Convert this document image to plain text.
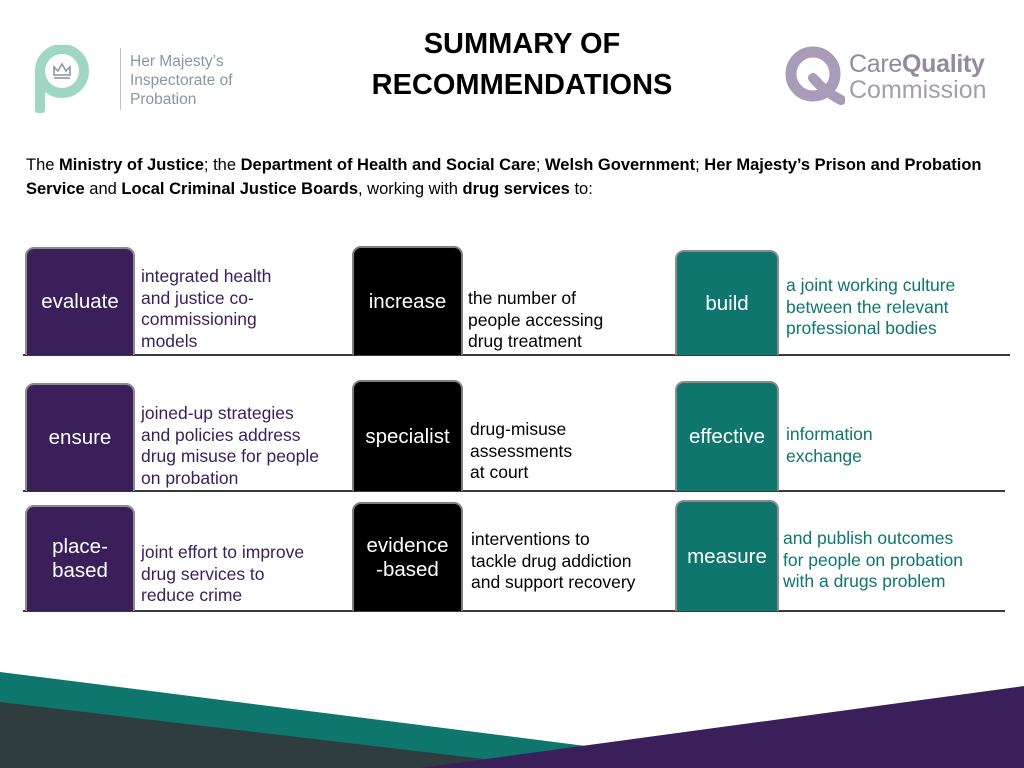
Her Majesty’s
Inspectorate of
Probation
SUMMARY OF
RECOMMENDATIONS
CareQuality
Commission
The Ministry of Justice; the Department of Health and Social Care; Welsh Government; Her Majesty’s Prison and Probation Service and Local Criminal Justice Boards, working with drug services to:
evaluate
integrated health
and justice co-
commissioning
models
increase the number of
people accessing
drug treatment
build
a joint working culture
between the relevant
professional bodies
ensure
joined-up strategies
and policies address
drug misuse for people
on probation
specialist drug-misuse
assessments
at court
effective information
exchange
place-
based
joint effort to improve
drug services to
reduce crime
evidence
-based
interventions to
tackle drug addiction
and support recovery
measure
and publish outcomes
for people on probation
with a drugs problem
